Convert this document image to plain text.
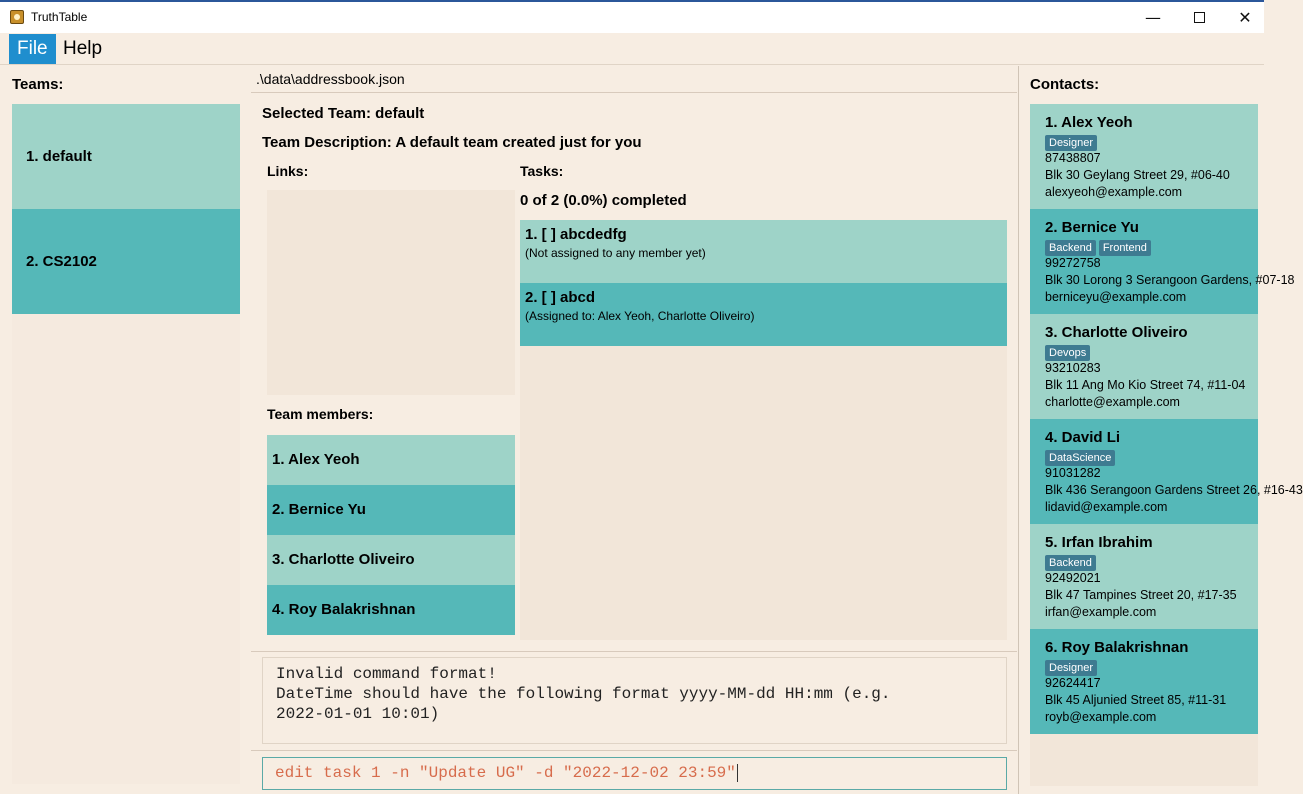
TruthTable	—	✕
File Help
Teams:
1. default
2. CS2102
.\data\addressbook.json
Selected Team: default
Team Description: A default team created just for you
Links:
Team members:
1. Alex Yeoh
2. Bernice Yu
3. Charlotte Oliveiro
4. Roy Balakrishnan
Tasks:
0 of 2 (0.0%) completed
1. [ ] abcdedfg
(Not assigned to any member yet)
2. [ ] abcd
(Assigned to: Alex Yeoh, Charlotte Oliveiro)
Invalid command format!
DateTime should have the following format yyyy-MM-dd HH:mm (e.g.
2022-01-01 10:01)
edit task 1 -n "Update UG" -d "2022-12-02 23:59"
Contacts:
1. Alex Yeoh
Designer
87438807
Blk 30 Geylang Street 29, #06-40
alexyeoh@example.com
2. Bernice Yu
Backend Frontend
99272758
Blk 30 Lorong 3 Serangoon Gardens, #07-18
berniceyu@example.com
3. Charlotte Oliveiro
Devops
93210283
Blk 11 Ang Mo Kio Street 74, #11-04
charlotte@example.com
4. David Li
DataScience
91031282
Blk 436 Serangoon Gardens Street 26, #16-43
lidavid@example.com
5. Irfan Ibrahim
Backend
92492021
Blk 47 Tampines Street 20, #17-35
irfan@example.com
6. Roy Balakrishnan
Designer
92624417
Blk 45 Aljunied Street 85, #11-31
royb@example.com
